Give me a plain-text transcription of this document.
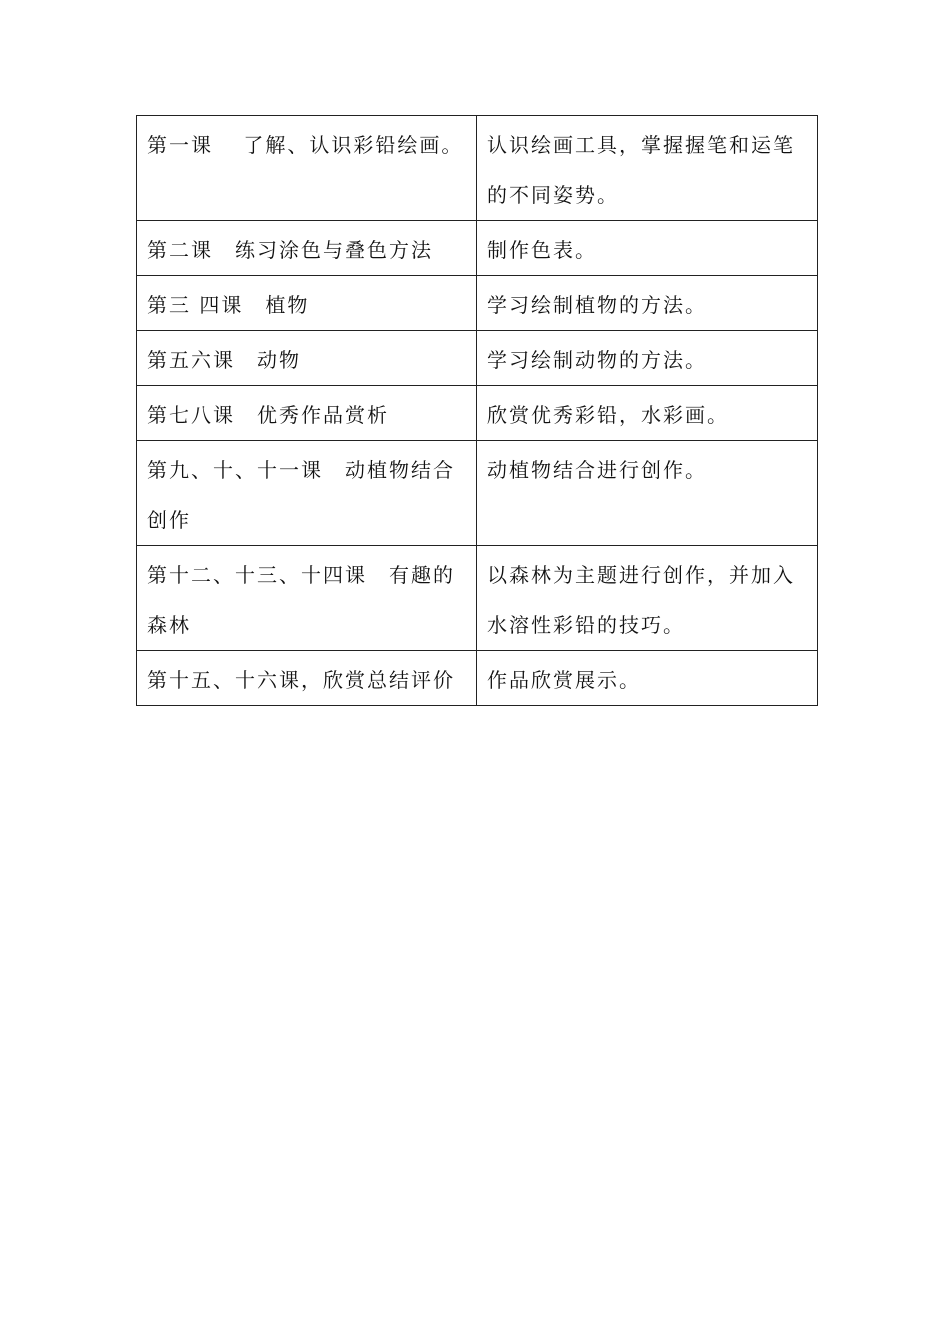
第一课　 了解、认识彩铅绘画。	认识绘画工具，掌握握笔和运笔的不同姿势。
第二课　练习涂色与叠色方法	制作色表。
第三 四课　植物	学习绘制植物的方法。
第五六课　动物	学习绘制动物的方法。
第七八课　优秀作品赏析	欣赏优秀彩铅，水彩画。
第九、十、十一课　动植物结合创作	动植物结合进行创作。
第十二、十三、十四课　有趣的森林	以森林为主题进行创作，并加入水溶性彩铅的技巧。
第十五、十六课，欣赏总结评价	作品欣赏展示。
